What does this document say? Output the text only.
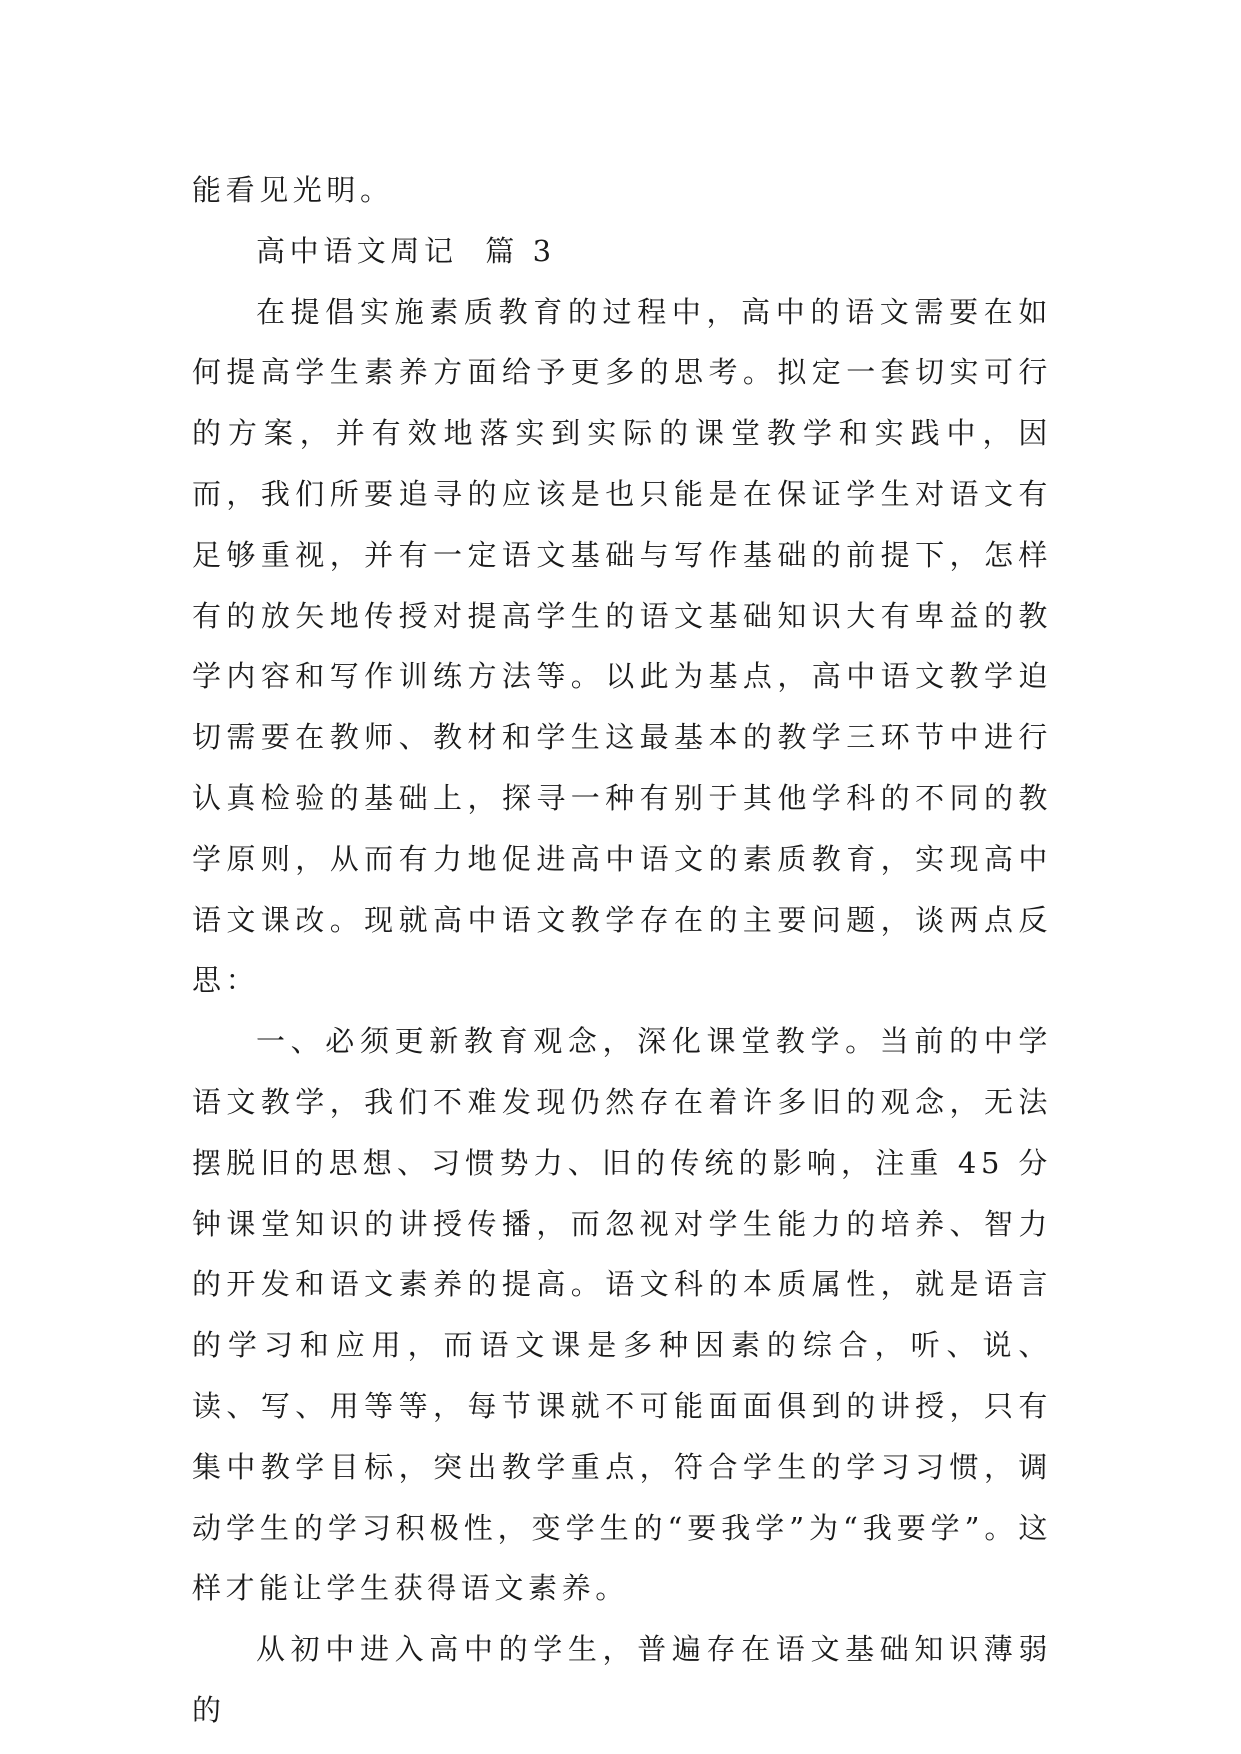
能看见光明。

高中语文周记  篇 3

在提倡实施素质教育的过程中，高中的语文需要在如何提高学生素养方面给予更多的思考。拟定一套切实可行的方案，并有效地落实到实际的课堂教学和实践中，因而，我们所要追寻的应该是也只能是在保证学生对语文有足够重视，并有一定语文基础与写作基础的前提下，怎样有的放矢地传授对提高学生的语文基础知识大有卑益的教学内容和写作训练方法等。以此为基点，高中语文教学迫切需要在教师、教材和学生这最基本的教学三环节中进行认真检验的基础上，探寻一种有别于其他学科的不同的教学原则，从而有力地促进高中语文的素质教育，实现高中语文课改。现就高中语文教学存在的主要问题，谈两点反思：

一、必须更新教育观念，深化课堂教学。当前的中学语文教学，我们不难发现仍然存在着许多旧的观念，无法摆脱旧的思想、习惯势力、旧的传统的影响，注重 45 分钟课堂知识的讲授传播，而忽视对学生能力的培养、智力的开发和语文素养的提高。语文科的本质属性，就是语言的学习和应用，而语文课是多种因素的综合，听、说、读、写、用等等，每节课就不可能面面俱到的讲授，只有集中教学目标，突出教学重点，符合学生的学习习惯，调动学生的学习积极性，变学生的“要我学”为“我要学”。这样才能让学生获得语文素养。

从初中进入高中的学生，普遍存在语文基础知识薄弱的
